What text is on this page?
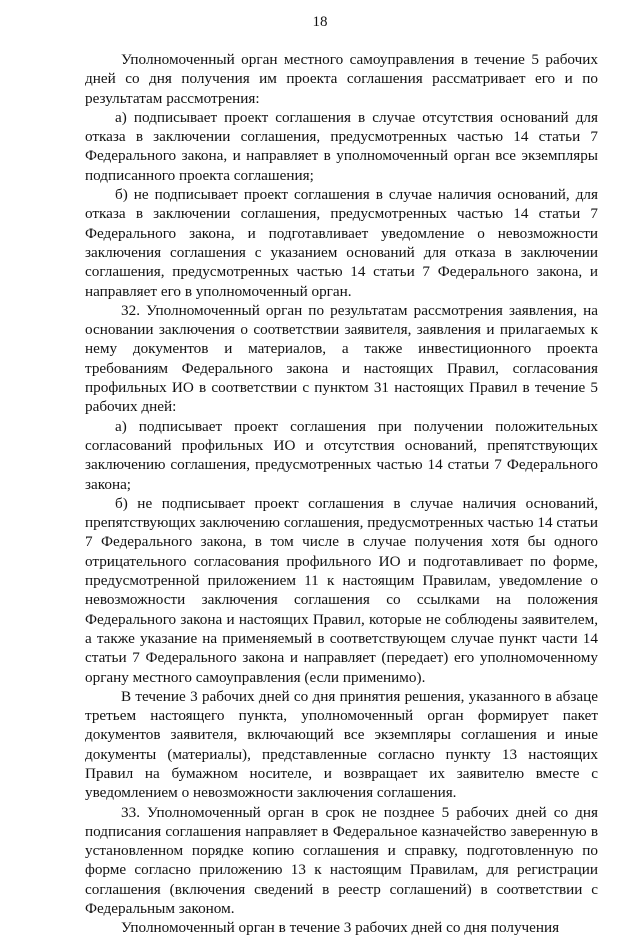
18

Уполномоченный орган местного самоуправления в течение 5 рабочих дней со дня получения им проекта соглашения рассматривает его и по результатам рассмотрения:

а) подписывает проект соглашения в случае отсутствия оснований для отказа в заключении соглашения, предусмотренных частью 14 статьи 7 Федерального закона, и направляет в уполномоченный орган все экземпляры подписанного проекта соглашения;

б) не подписывает проект соглашения в случае наличия оснований, для отказа в заключении соглашения, предусмотренных частью 14 статьи 7 Федерального закона, и подготавливает уведомление о невозможности заключения соглашения с указанием оснований для отказа в заключении соглашения, предусмотренных частью 14 статьи 7 Федерального закона, и направляет его в уполномоченный орган.

32. Уполномоченный орган по результатам рассмотрения заявления, на основании заключения о соответствии заявителя, заявления и прилагаемых к нему документов и материалов, а также инвестиционного проекта требованиям Федерального закона и настоящих Правил, согласования профильных ИО в соответствии с пунктом 31 настоящих Правил в течение 5 рабочих дней:

а) подписывает проект соглашения при получении положительных согласований профильных ИО и отсутствия оснований, препятствующих заключению соглашения, предусмотренных частью 14 статьи 7 Федерального закона;

б) не подписывает проект соглашения в случае наличия оснований, препятствующих заключению соглашения, предусмотренных частью 14 статьи 7 Федерального закона, в том числе в случае получения хотя бы одного отрицательного согласования профильного ИО и подготавливает по форме, предусмотренной приложением 11 к настоящим Правилам, уведомление о невозможности заключения соглашения со ссылками на положения Федерального закона и настоящих Правил, которые не соблюдены заявителем, а также указание на применяемый в соответствующем случае пункт части 14 статьи 7 Федерального закона и направляет (передает) его уполномоченному органу местного самоуправления (если применимо).

В течение 3 рабочих дней со дня принятия решения, указанного в абзаце третьем настоящего пункта, уполномоченный орган формирует пакет документов заявителя, включающий все экземпляры соглашения и иные документы (материалы), представленные согласно пункту 13 настоящих Правил на бумажном носителе, и возвращает их заявителю вместе с уведомлением о невозможности заключения соглашения.

33. Уполномоченный орган в срок не позднее 5 рабочих дней со дня подписания соглашения направляет в Федеральное казначейство заверенную в установленном порядке копию соглашения и справку, подготовленную по форме согласно приложению 13 к настоящим Правилам, для регистрации соглашения (включения сведений в реестр соглашений) в соответствии с Федеральным законом.

Уполномоченный орган в течение 3 рабочих дней со дня получения
